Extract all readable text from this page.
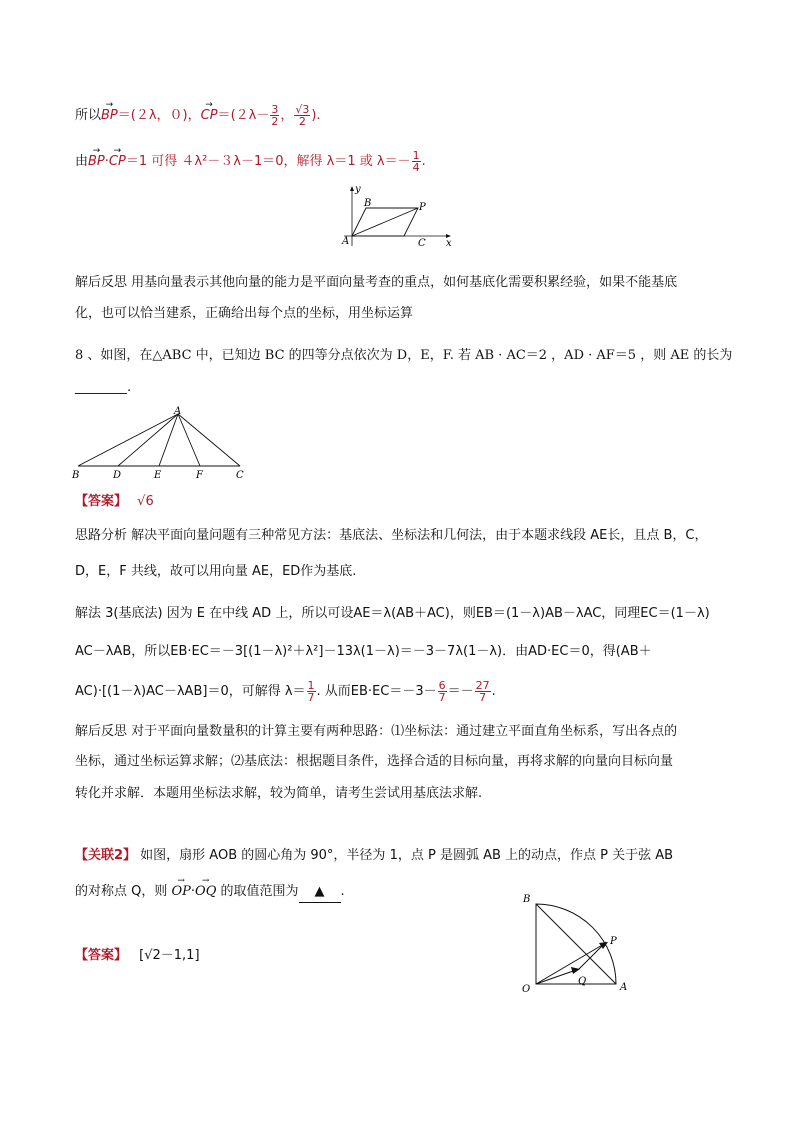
所以→ BP＝(２λ，０)，→ $CP=(2\lambda- \frac{3}{2}$ ， $\frac{√3}{2}$ ).
由→ BP·→ CP＝1 可得 ４λ²－３λ－1＝0，解得 λ＝1 或 $\lambda=- \frac{1}{4}$ .
y
x
A
B	P
C
解后反思 用基向量表示其他向量的能力是平面向量考查的重点，如何基底化需要积累经验，如果不能基底
化，也可以恰当建系，正确给出每个点的坐标，用坐标运算
8 、如图，在△ABC 中，已知边 BC 的四等分点依次为 D，E，F. 若 AB · AC＝2 ，AD · AF＝5 ，则 AE 的长为
________.
A
B	D	E	F	C
【答案】 √6
思路分析 解决平面向量问题有三种常见方法：基底法、坐标法和几何法，由于本题求线段 AE长，且点 B，C，
D，E，F 共线，故可以用向量 AE，ED作为基底.
解法 3(基底法) 因为 E 在中线 AD 上，所以可设AE＝λ(AB＋AC)，则EB＝(1－λ)AB－λAC，同理EC＝(1－λ)
AC－λAB，所以EB·EC＝－3[(1－λ)²＋λ²]－13λ(1－λ)＝－3－7λ(1－λ)．由AD·EC＝0，得(AB＋
AC)·[(1－λ)AC－λAB]＝0，可解得 $\lambda= \frac{1}{7}$ . 从而$EB\cdot EC=-3- \frac{6}{7} =- \frac{27}{7}$ .
解后反思 对于平面向量数量积的计算主要有两种思路：⑴坐标法：通过建立平面直角坐标系，写出各点的
坐标，通过坐标运算求解；⑵基底法：根据题目条件，选择合适的目标向量，再将求解的向量向目标向量
转化并求解．本题用坐标法求解，较为简单，请考生尝试用基底法求解.
【关联2】 如图，扇形 AOB 的圆心角为 90°，半径为 1，点 P 是圆弧 AB 上的动点，作点 P 关于弦 AB
的对称点 Q，则 → OP·→ OQ 的取值范围为 ▲ .
【答案】 [√2－1,1]
B
O
P
Q
A
